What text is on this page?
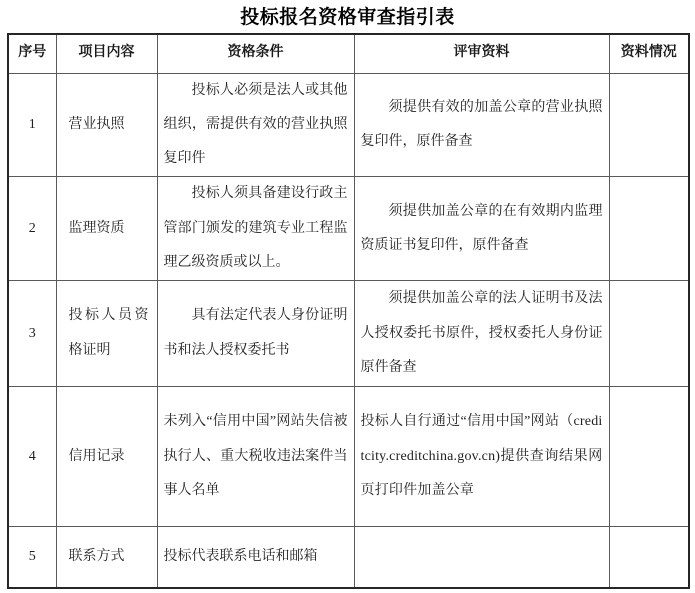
投标报名资格审查指引表
序号	项目内容	资格条件	评审资料	资料情况
1	营业执照	投标人必须是法人或其他组织，需提供有效的营业执照复印件	须提供有效的加盖公章的营业执照复印件，原件备查	
2	监理资质	投标人须具备建设行政主管部门颁发的建筑专业工程监理乙级资质或以上。	须提供加盖公章的在有效期内监理资质证书复印件，原件备查	
3	投标人员资格证明	具有法定代表人身份证明书和法人授权委托书	须提供加盖公章的法人证明书及法人授权委托书原件，授权委托人身份证原件备查	
4	信用记录	未列入“信用中国”网站失信被执行人、重大税收违法案件当事人名单	投标人自行通过“信用中国”网站（creditcity.creditchina.gov.cn)提供查询结果网页打印件加盖公章	
5	联系方式	投标代表联系电话和邮箱		
